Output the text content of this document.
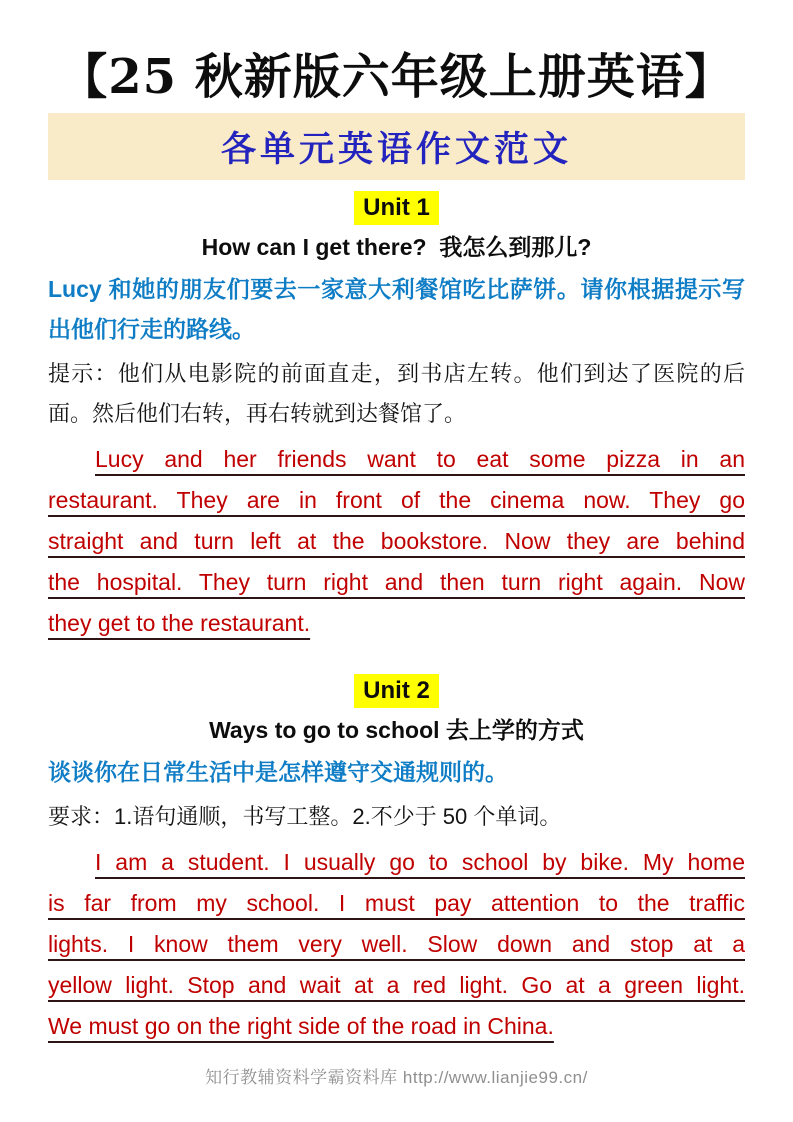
【25 秋新版六年级上册英语】
各单元英语作文范文
Unit 1
How can I get there?  我怎么到那儿?

Lucy 和她的朋友们要去一家意大利餐馆吃比萨饼。请你根据提示写出他们行走的路线。

提示：他们从电影院的前面直走，到书店左转。他们到达了医院的后面。然后他们右转，再右转就到达餐馆了。

Lucy and her friends want to eat some pizza in an
restaurant. They are in front of the cinema now. They go
straight and turn left at the bookstore. Now they are behind
the hospital. They turn right and then turn right again. Now
they get to the restaurant.
Unit 2
Ways to go to school 去上学的方式

谈谈你在日常生活中是怎样遵守交通规则的。

要求：1.语句通顺，书写工整。2.不少于 50 个单词。

I am a student. I usually go to school by bike. My home
is far from my school. I must pay attention to the traffic
lights. I know them very well. Slow down and stop at a
yellow light. Stop and wait at a red light. Go at a green light.
We must go on the right side of the road in China.
知行教辅资料学霸资料库 http://www.lianjie99.cn/
